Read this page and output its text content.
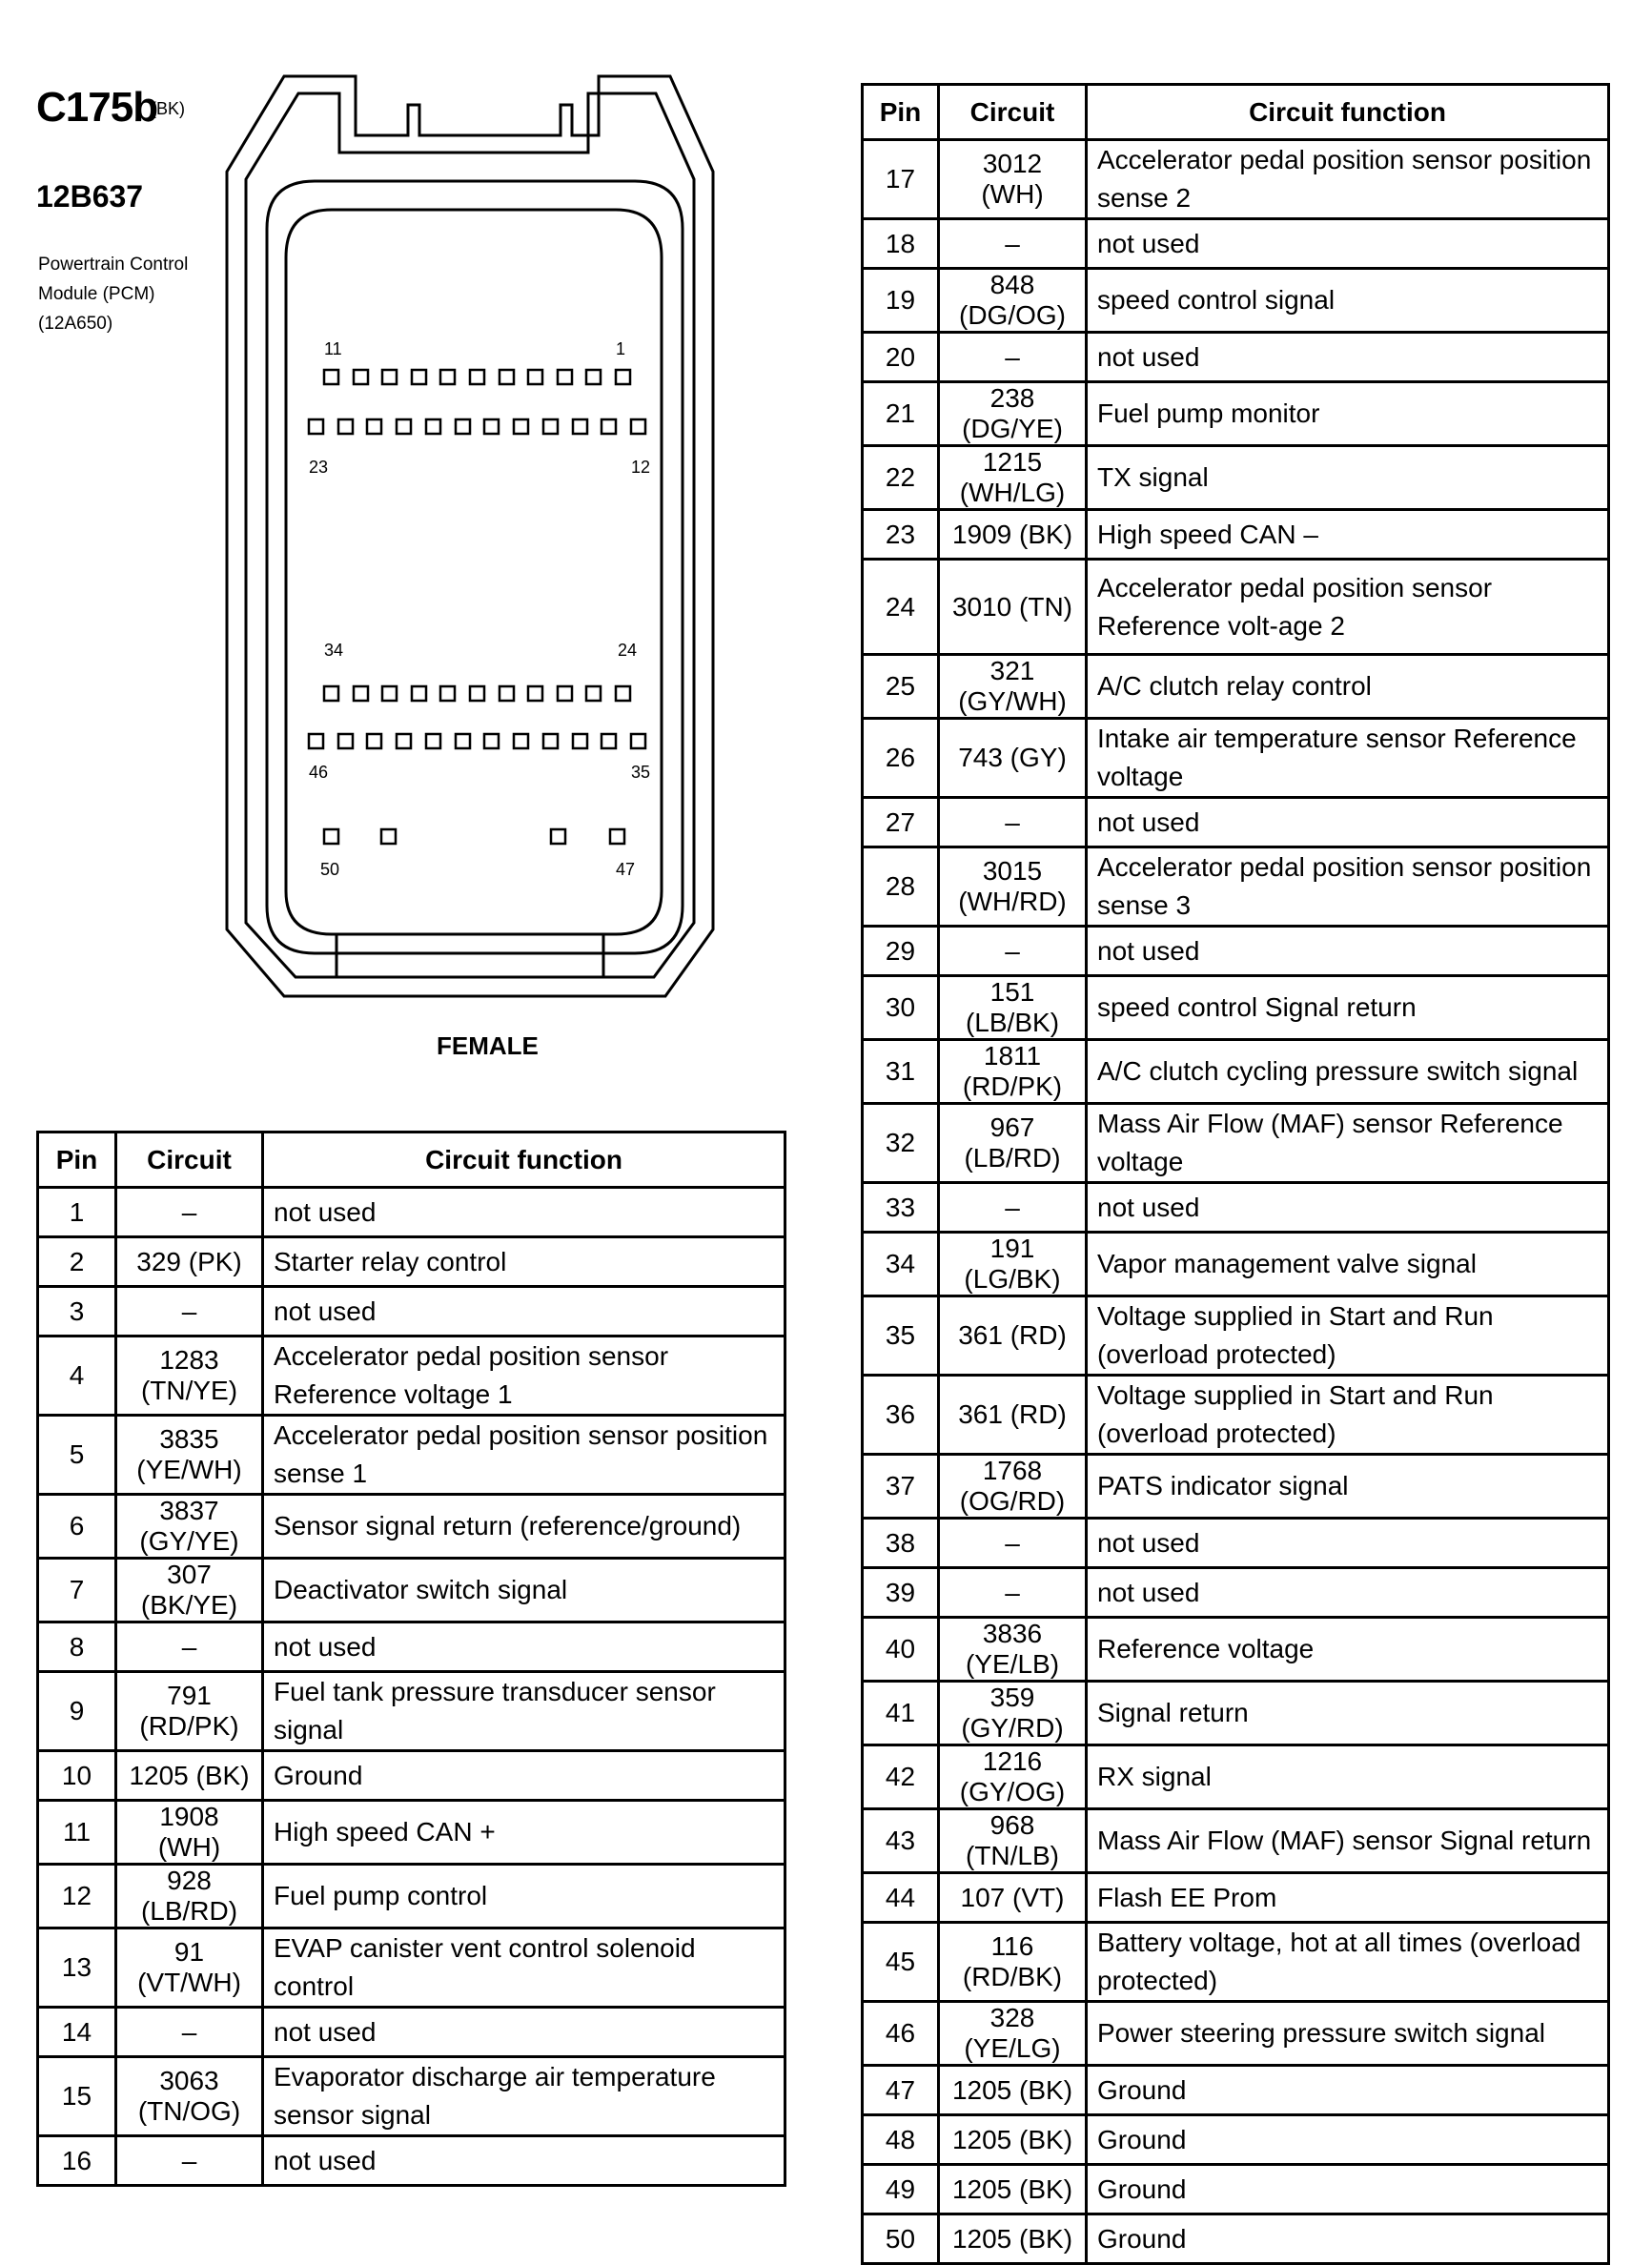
C175b
(BK)
12B637
Powertrain Control
Module (PCM)
(12A650)
11	1
23	12
34	24
46	35
50	47
FEMALE
Pin	Circuit	Circuit function
1	–	not used
2	329 (PK)	Starter relay control
3	–	not used
4	1283 (TN/YE)	Accelerator pedal position sensor Reference voltage 1
5	3835 (YE/WH)	Accelerator pedal position sensor position sense 1
6	3837 (GY/YE)	Sensor signal return (reference/ground)
7	307 (BK/YE)	Deactivator switch signal
8	–	not used
9	791 (RD/PK)	Fuel tank pressure transducer sensor signal
10	1205 (BK)	Ground
11	1908 (WH)	High speed CAN +
12	928 (LB/RD)	Fuel pump control
13	91 (VT/WH)	EVAP canister vent control solenoid control
14	–	not used
15	3063 (TN/OG)	Evaporator discharge air temperature sensor signal
16	–	not used
Pin	Circuit	Circuit function
17	3012 (WH)	Accelerator pedal position sensor position sense 2
18	–	not used
19	848 (DG/OG)	speed control signal
20	–	not used
21	238 (DG/YE)	Fuel pump monitor
22	1215 (WH/LG)	TX signal
23	1909 (BK)	High speed CAN –
24	3010 (TN)	Accelerator pedal position sensor Reference volt-age 2
25	321 (GY/WH)	A/C clutch relay control
26	743 (GY)	Intake air temperature sensor Reference voltage
27	–	not used
28	3015 (WH/RD)	Accelerator pedal position sensor position sense 3
29	–	not used
30	151 (LB/BK)	speed control Signal return
31	1811 (RD/PK)	A/C clutch cycling pressure switch signal
32	967 (LB/RD)	Mass Air Flow (MAF) sensor Reference voltage
33	–	not used
34	191 (LG/BK)	Vapor management valve signal
35	361 (RD)	Voltage supplied in Start and Run (overload protected)
36	361 (RD)	Voltage supplied in Start and Run (overload protected)
37	1768 (OG/RD)	PATS indicator signal
38	–	not used
39	–	not used
40	3836 (YE/LB)	Reference voltage
41	359 (GY/RD)	Signal return
42	1216 (GY/OG)	RX signal
43	968 (TN/LB)	Mass Air Flow (MAF) sensor Signal return
44	107 (VT)	Flash EE Prom
45	116 (RD/BK)	Battery voltage, hot at all times (overload protected)
46	328 (YE/LG)	Power steering pressure switch signal
47	1205 (BK)	Ground
48	1205 (BK)	Ground
49	1205 (BK)	Ground
50	1205 (BK)	Ground
